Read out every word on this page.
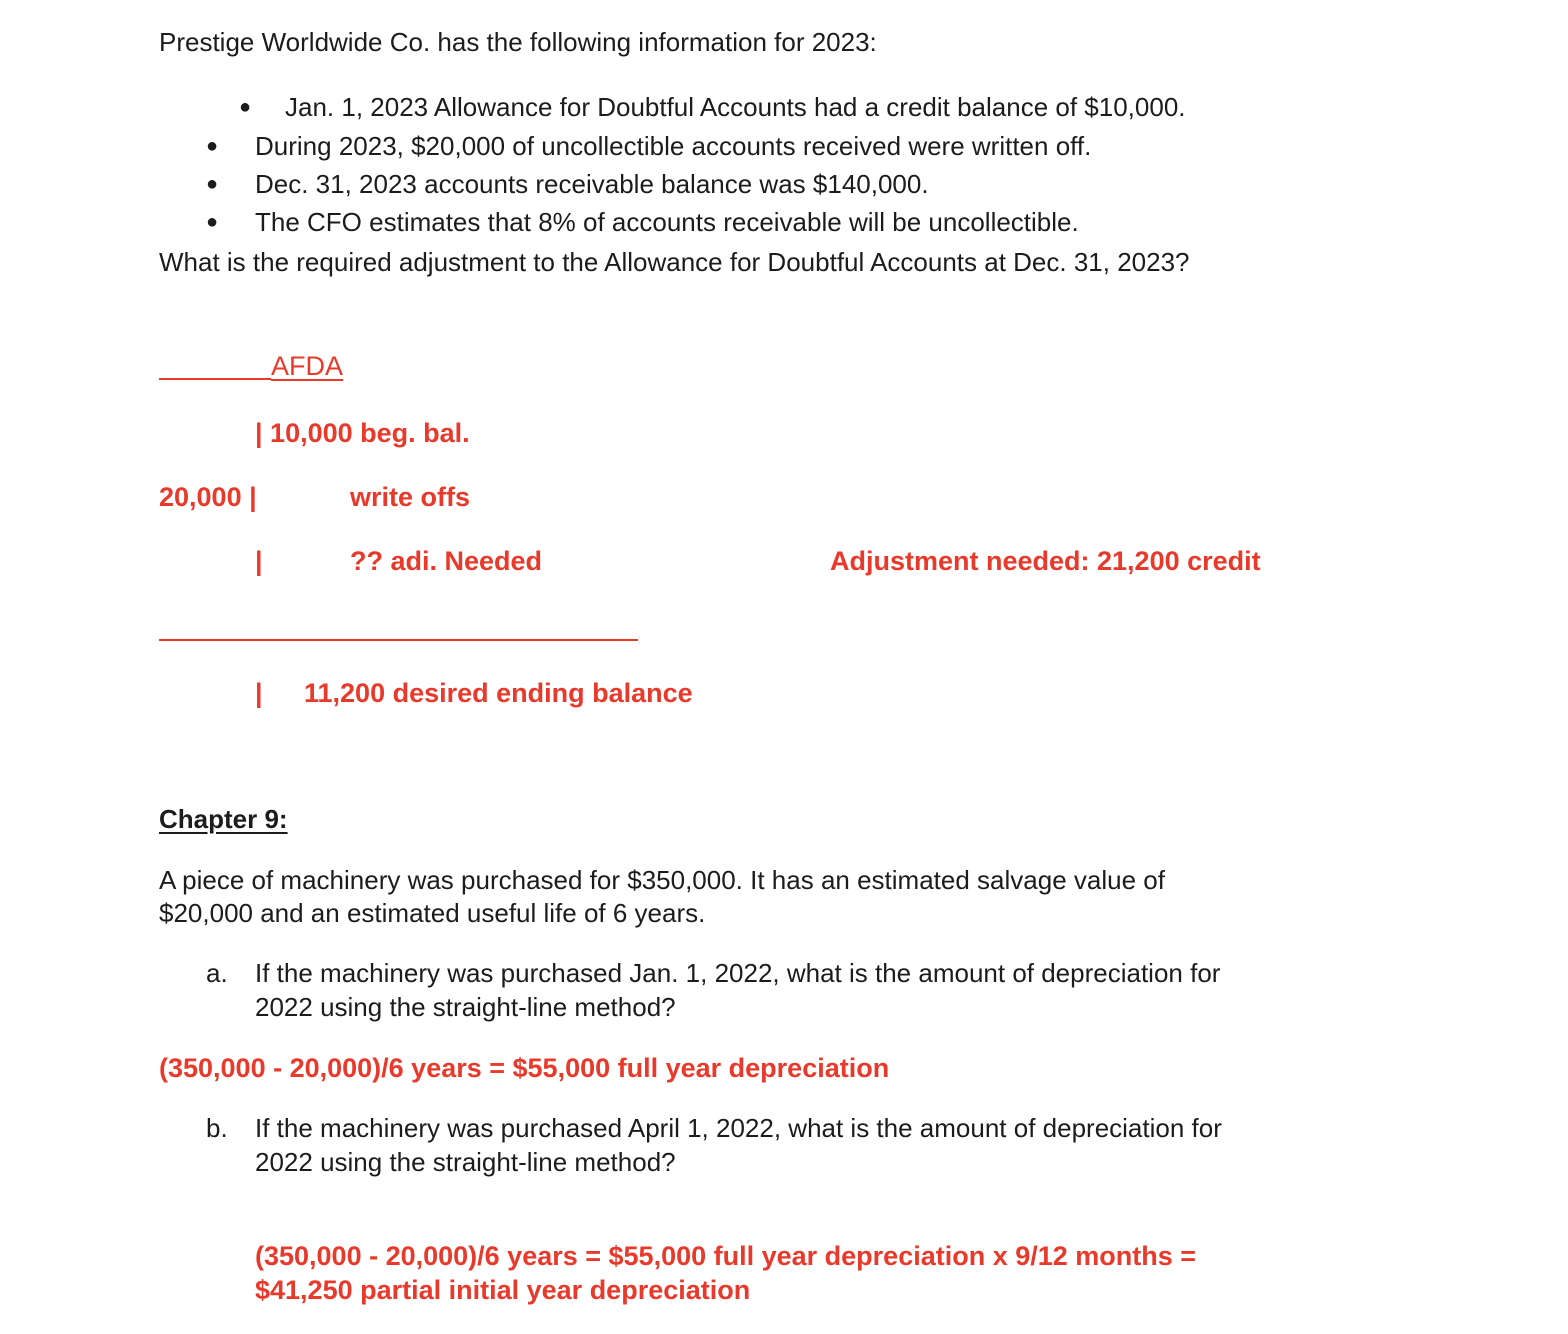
Prestige Worldwide Co. has the following information for 2023:
● Jan. 1, 2023 Allowance for Doubtful Accounts had a credit balance of $10,000.
● During 2023, $20,000 of uncollectible accounts received were written off.
● Dec. 31, 2023 accounts receivable balance was $140,000.
● The CFO estimates that 8% of accounts receivable will be uncollectible.
What is the required adjustment to the Allowance for Doubtful Accounts at Dec. 31, 2023?
AFDA
| 10,000 beg. bal.
20,000 |	write offs
|	?? adi. Needed	Adjustment needed: 21,200 credit
| 11,200 desired ending balance
Chapter 9:
A piece of machinery was purchased for $350,000. It has an estimated salvage value of
$20,000 and an estimated useful life of 6 years.
a. If the machinery was purchased Jan. 1, 2022, what is the amount of depreciation for
2022 using the straight-line method?
(350,000 - 20,000)/6 years = $55,000 full year depreciation
b. If the machinery was purchased April 1, 2022, what is the amount of depreciation for
2022 using the straight-line method?
(350,000 - 20,000)/6 years = $55,000 full year depreciation x 9/12 months =
$41,250 partial initial year depreciation
